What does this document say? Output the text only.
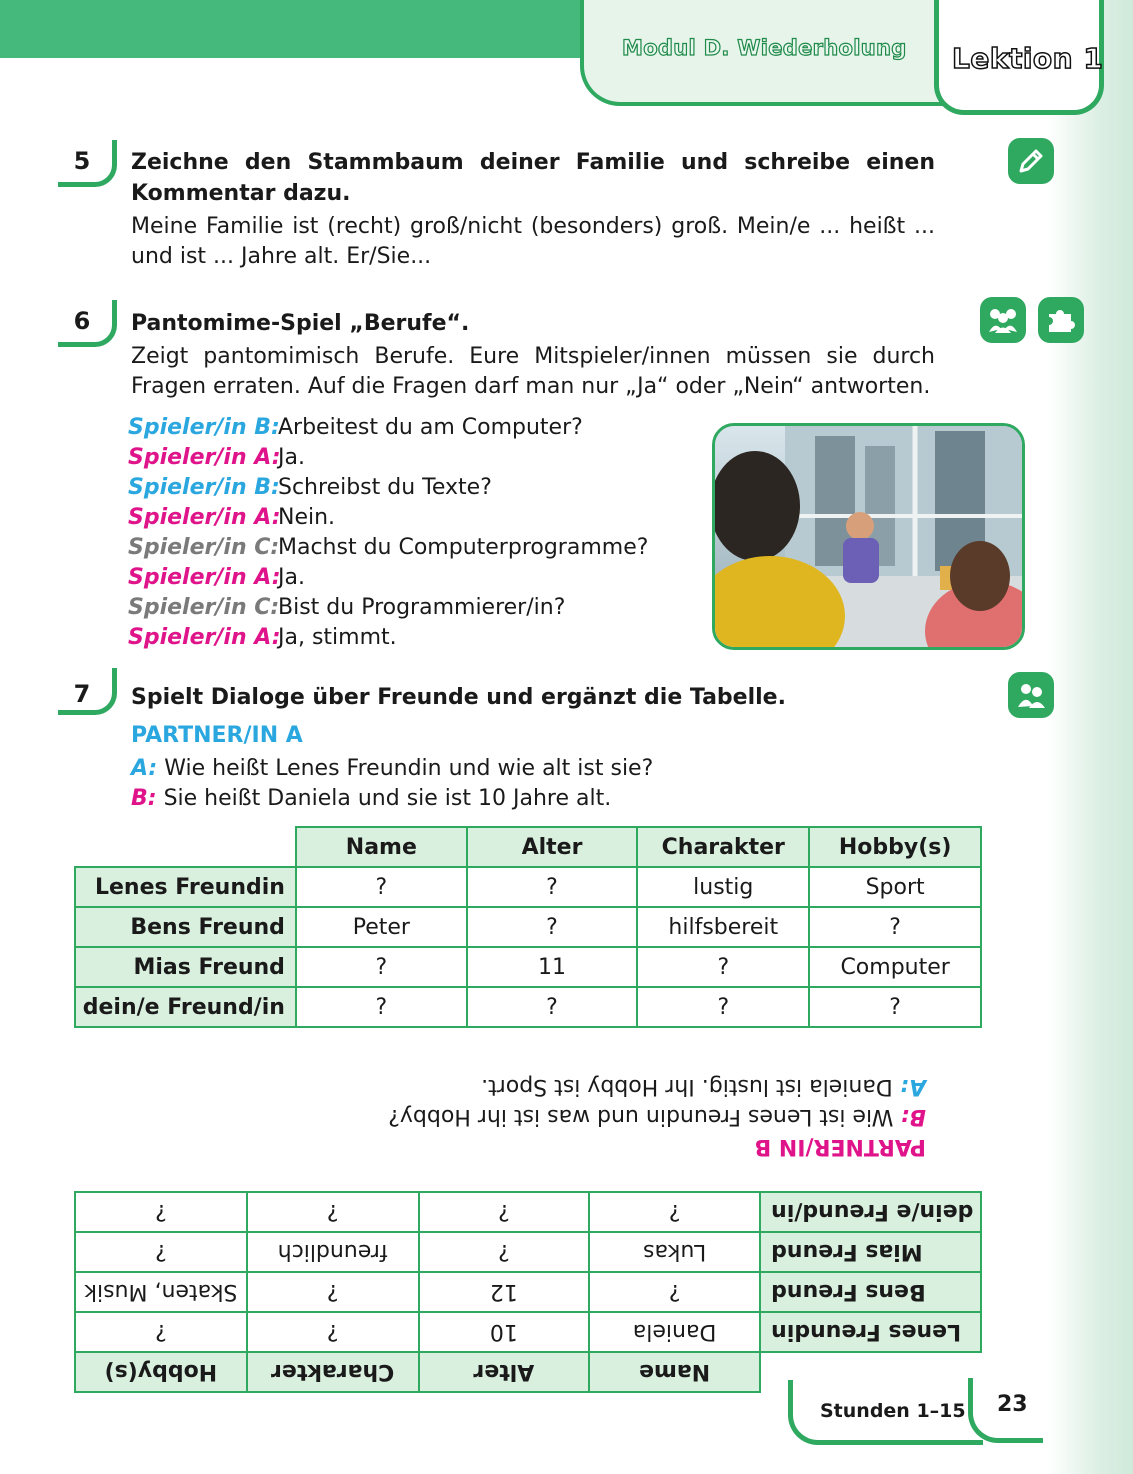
Modul D. Wiederholung Lektion 1
5	Zeichne den Stammbaum deiner Familie und schreibe einen Kommentar dazu.
Meine Familie ist (recht) groß/nicht (besonders) groß. Mein/e ... heißt ... und ist ... Jahre alt. Er/Sie...
6	Pantomime-Spiel „Berufe“.
Zeigt pantomimisch Berufe. Eure Mitspieler/innen müssen sie durch Fragen erraten. Auf die Fragen darf man nur „Ja“ oder „Nein“ antworten.
Spieler/in B:Arbeitest du am Computer?
Spieler/in A:Ja.
Spieler/in B:Schreibst du Texte?
Spieler/in A:Nein.
Spieler/in C:Machst du Computerprogramme?
Spieler/in A:Ja.
Spieler/in C:Bist du Programmierer/in?
Spieler/in A:Ja, stimmt.
7	Spielt Dialoge über Freunde und ergänzt die Tabelle.
PARTNER/IN A
A: Wie heißt Lenes Freundin und wie alt ist sie?
B: Sie heißt Daniela und sie ist 10 Jahre alt.
	Name	Alter	Charakter	Hobby(s)
Lenes Freundin	?	?	lustig	Sport
Bens Freund	Peter	?	hilfsbereit	?
Mias Freund	?	11	?	Computer
dein/e Freund/in	?	?	?	?
	Name	Alter	Charakter	Hobby(s)
Lenes Freundin	Daniela	10	?	?
Bens Freund	?	12	?	Skaten, Musik
Mias Freund	Lukas	?	freundlich	?
dein/e Freund/in	?	?	?	?
PARTNER/IN B
B: Wie ist Lenes Freundin und was ist ihr Hobby?
A: Daniela ist lustig. Ihr Hobby ist Sport.
Stunden 1–15 23
